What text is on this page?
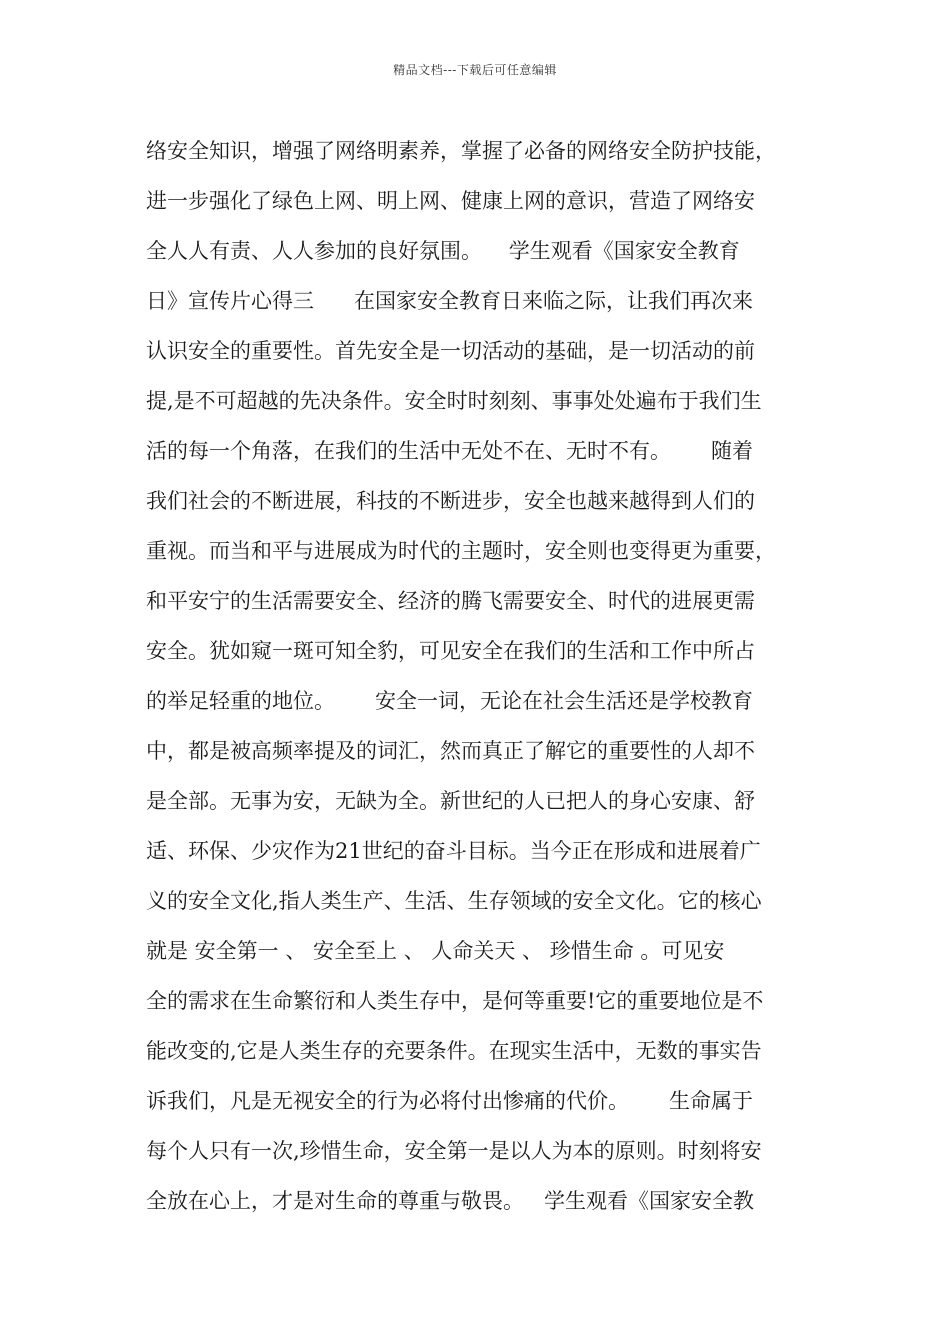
精品文档---下载后可任意编辑
络安全知识，增强了网络明素养，掌握了必备的网络安全防护技能，
进一步强化了绿色上网、明上网、健康上网的意识，营造了网络安
全人人有责、人人参加的良好氛围。    学生观看《国家安全教育
日》宣传片心得三      在国家安全教育日来临之际，让我们再次来
认识安全的重要性。首先安全是一切活动的基础，是一切活动的前
提,是不可超越的先决条件。安全时时刻刻、事事处处遍布于我们生
活的每一个角落，在我们的生活中无处不在、无时不有。      随着
我们社会的不断进展，科技的不断进步，安全也越来越得到人们的
重视。而当和平与进展成为时代的主题时，安全则也变得更为重要，
和平安宁的生活需要安全、经济的腾飞需要安全、时代的进展更需
安全。犹如窥一斑可知全豹，可见安全在我们的生活和工作中所占
的举足轻重的地位。      安全一词，无论在社会生活还是学校教育
中，都是被高频率提及的词汇，然而真正了解它的重要性的人却不
是全部。无事为安，无缺为全。新世纪的人已把人的身心安康、舒
适、环保、少灾作为21世纪的奋斗目标。当今正在形成和进展着广
义的安全文化,指人类生产、生活、生存领域的安全文化。它的核心
就是 安全第一 、 安全至上 、 人命关天 、 珍惜生命 。可见安
全的需求在生命繁衍和人类生存中，是何等重要!它的重要地位是不
能改变的,它是人类生存的充要条件。在现实生活中，无数的事实告
诉我们，凡是无视安全的行为必将付出惨痛的代价。      生命属于
每个人只有一次,珍惜生命，安全第一是以人为本的原则。时刻将安
全放在心上，才是对生命的尊重与敬畏。   学生观看《国家安全教
